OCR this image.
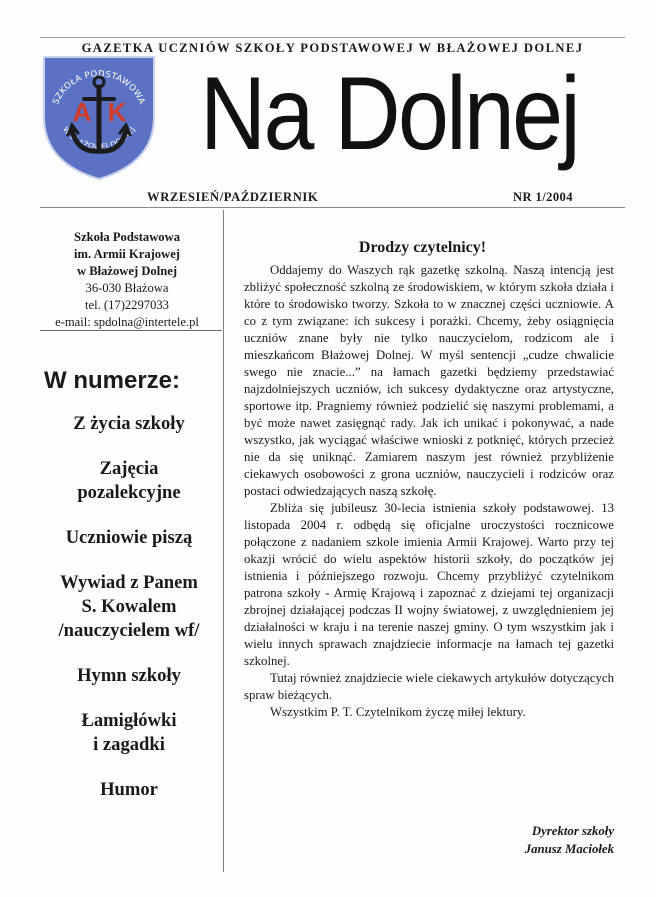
GAZETKA UCZNIÓW SZKOŁY PODSTAWOWEJ W BŁAŻOWEJ DOLNEJ
SZKOŁA PODSTAWOWA
W BŁAŻOWEJ DOLNEJ
A K Na Dolnej
WRZESIEŃ/PAŹDZIERNIK	NR 1/2004
Szkoła Podstawowa
im. Armii Krajowej
w Błażowej Dolnej
36-030 Błażowa
tel. (17)2297033
e-mail: spdolna@intertele.pl
W numerze:
Z życia szkoły
Zajęcia
pozalekcyjne
Uczniowie piszą
Wywiad z Panem
S. Kowalem
/nauczycielem wf/
Hymn szkoły
Łamigłówki
i zagadki
Humor
Drodzy czytelnicy!

Oddajemy do Waszych rąk gazetkę szkolną. Naszą intencją jest zbliżyć społeczność szkolną ze środowiskiem, w którym szkoła działa i które to środowisko tworzy. Szkoła to w znacznej części uczniowie. A co z tym związane: ich sukcesy i porażki. Chcemy, żeby osiągnięcia uczniów znane były nie tylko nauczycielom, rodzicom ale i mieszkańcom Błażowej Dolnej. W myśl sentencji „cudze chwalicie swego nie znacie...” na łamach gazetki będziemy przedstawiać najzdolniejszych uczniów, ich sukcesy dydaktyczne oraz artystyczne, sportowe itp. Pragniemy również podzielić się naszymi problemami, a być może nawet zasięgnąć rady. Jak ich unikać i pokonywać, a nade wszystko, jak wyciągać właściwe wnioski z potknięć, których przecież nie da się uniknąć. Zamiarem naszym jest również przybliżenie ciekawych osobowości z grona uczniów, nauczycieli i rodziców oraz postaci odwiedzających naszą szkołę.

Zbliża się jubileusz 30-lecia istnienia szkoły podstawowej. 13 listopada 2004 r. odbędą się oficjalne uroczystości rocznicowe połączone z nadaniem szkole imienia Armii Krajowej. Warto przy tej okazji wrócić do wielu aspektów historii szkoły, do początków jej istnienia i późniejszego rozwoju. Chcemy przybliżyć czytelnikom patrona szkoły - Armię Krajową i zapoznać z dziejami tej organizacji zbrojnej działającej podczas II wojny światowej, z uwzględnieniem jej działalności w kraju i na terenie naszej gminy. O tym wszystkim jak i wielu innych sprawach znajdziecie informacje na łamach tej gazetki szkolnej.

Tutaj również znajdziecie wiele ciekawych artykułów dotyczących spraw bieżących.

Wszystkim P. T. Czytelnikom życzę miłej lektury.

Dyrektor szkoły
Janusz Maciołek
